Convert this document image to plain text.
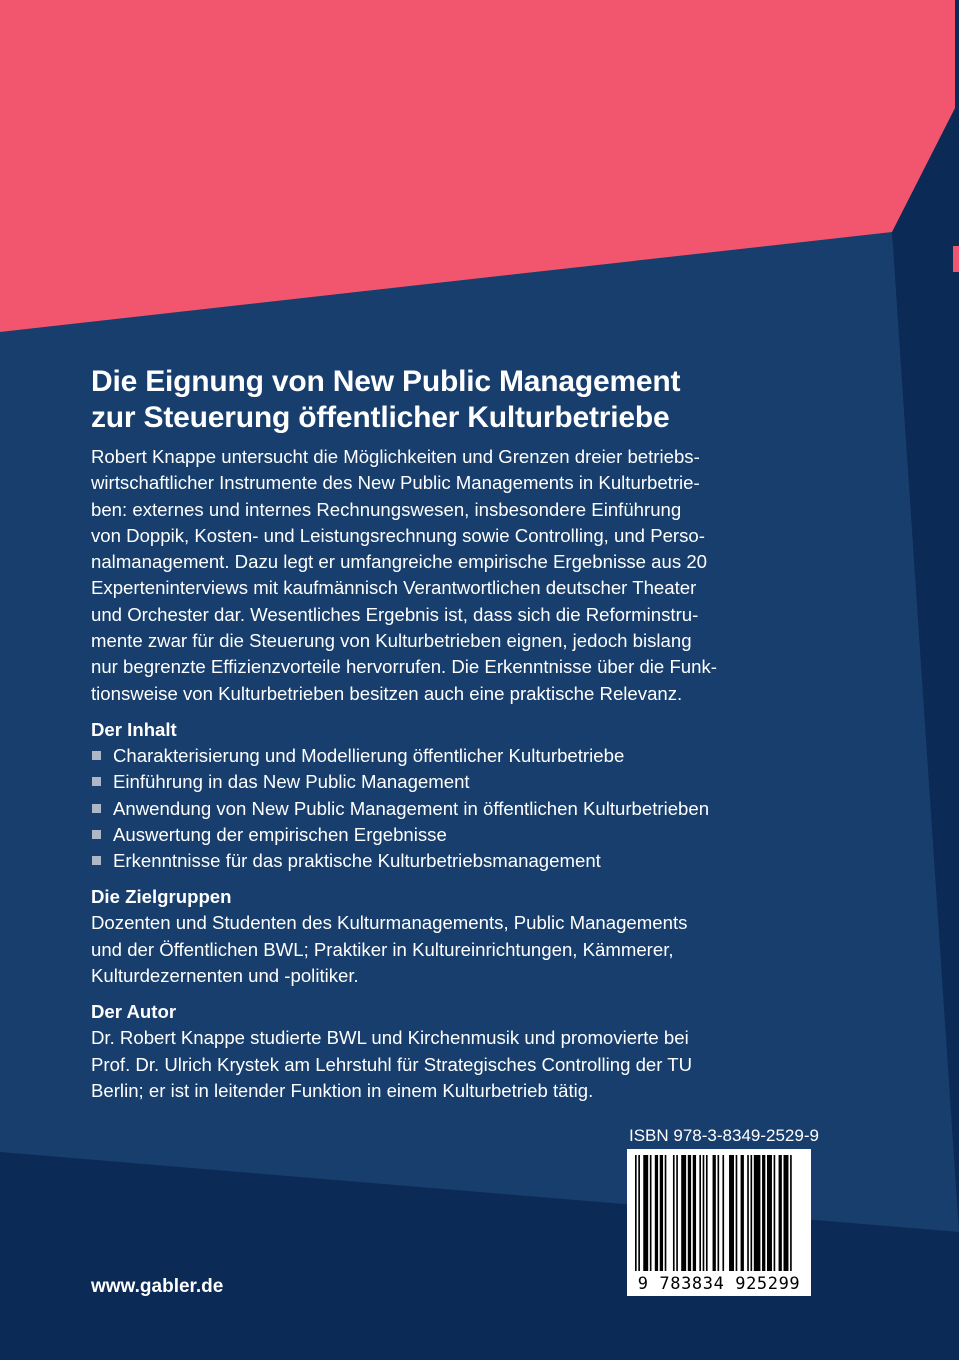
Die Eignung von New Public Management
zur Steuerung öffentlicher Kulturbetriebe

Robert Knappe untersucht die Möglichkeiten und Grenzen dreier betriebs-
wirtschaftlicher Instrumente des New Public Managements in Kulturbetrie-
ben: externes und internes Rechnungswesen, insbesondere Einführung
von Doppik, Kosten- und Leistungsrechnung sowie Controlling, und Perso-
nalmanagement. Dazu legt er umfangreiche empirische Ergebnisse aus 20
Experteninterviews mit kaufmännisch Verantwortlichen deutscher Theater
und Orchester dar. Wesentliches Ergebnis ist, dass sich die Reforminstru-
mente zwar für die Steuerung von Kulturbetrieben eignen, jedoch bislang
nur begrenzte Effizienzvorteile hervorrufen. Die Erkenntnisse über die Funk-
tionsweise von Kulturbetrieben besitzen auch eine praktische Relevanz.

Der Inhalt
Charakterisierung und Modellierung öffentlicher Kulturbetriebe
Einführung in das New Public Management
Anwendung von New Public Management in öffentlichen Kulturbetrieben
Auswertung der empirischen Ergebnisse
Erkenntnisse für das praktische Kulturbetriebsmanagement
Die Zielgruppen

Dozenten und Studenten des Kulturmanagements, Public Managements
und der Öffentlichen BWL; Praktiker in Kultureinrichtungen, Kämmerer,
Kulturdezernenten und -politiker.

Der Autor

Dr. Robert Knappe studierte BWL und Kirchenmusik und promovierte bei
Prof. Dr. Ulrich Krystek am Lehrstuhl für Strategisches Controlling der TU
Berlin; er ist in leitender Funktion in einem Kulturbetrieb tätig.

ISBN 978-3-8349-2529-9
9 783834 925299
www.gabler.de
